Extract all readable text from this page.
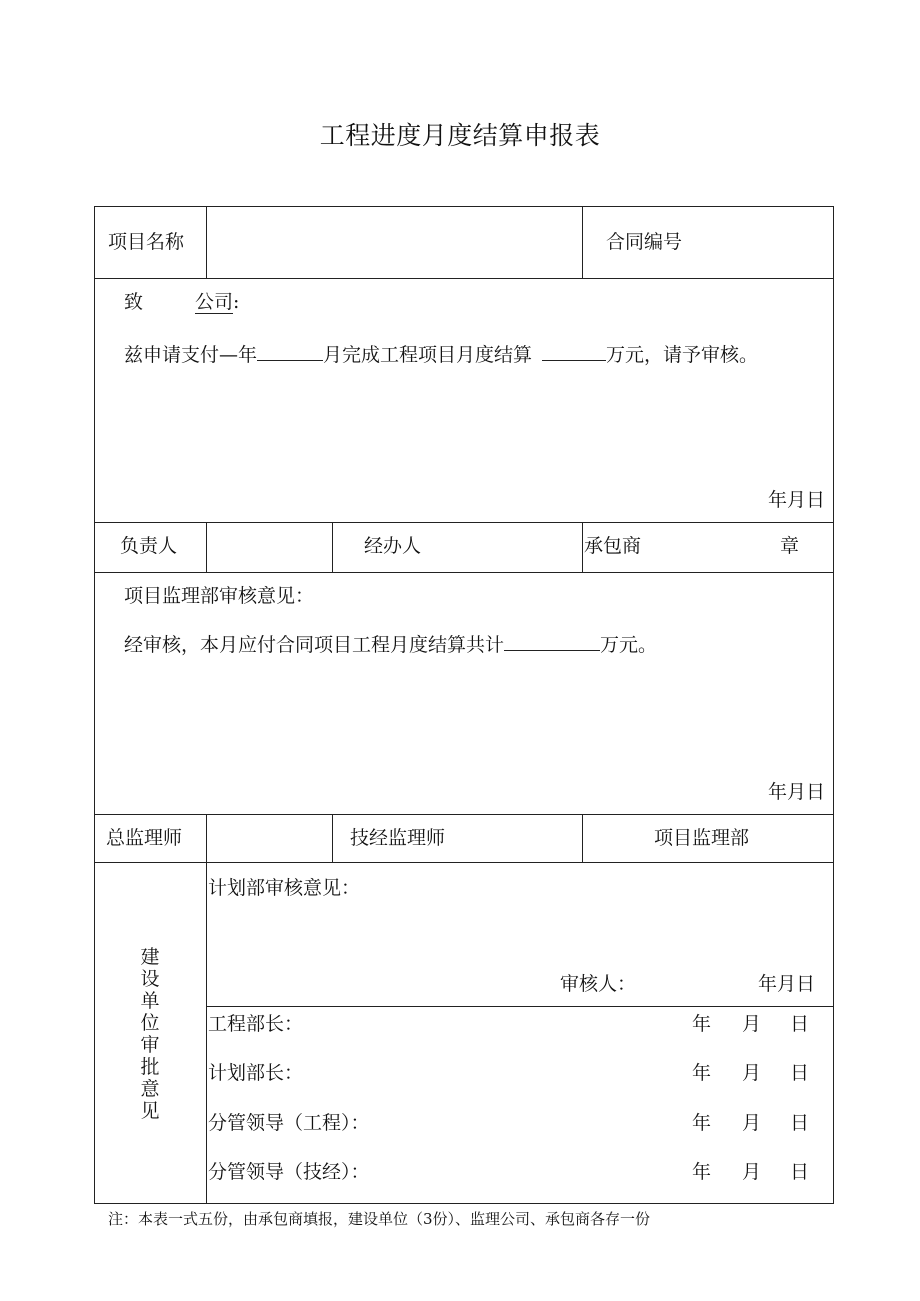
工程进度月度结算申报表
项目名称	合同编号
致	公司:
兹申请支付—年	月完成工程项目月度结算	万元，请予审核。
年月日
负责人	经办人	承包商	章
项目监理部审核意见：
经审核，本月应付合同项目工程月度结算共计	万元。
年月日
总监理师	技经监理师	项目监理部
建
设
单
位
审
批
意
见
计划部审核意见：
审核人：	年月日
工程部长：	年 月 日
计划部长：	年 月 日
分管领导（工程）：	年 月 日
分管领导（技经）：	年 月 日
注：本表一式五份，由承包商填报，建设单位（3份）、监理公司、承包商各存一份
